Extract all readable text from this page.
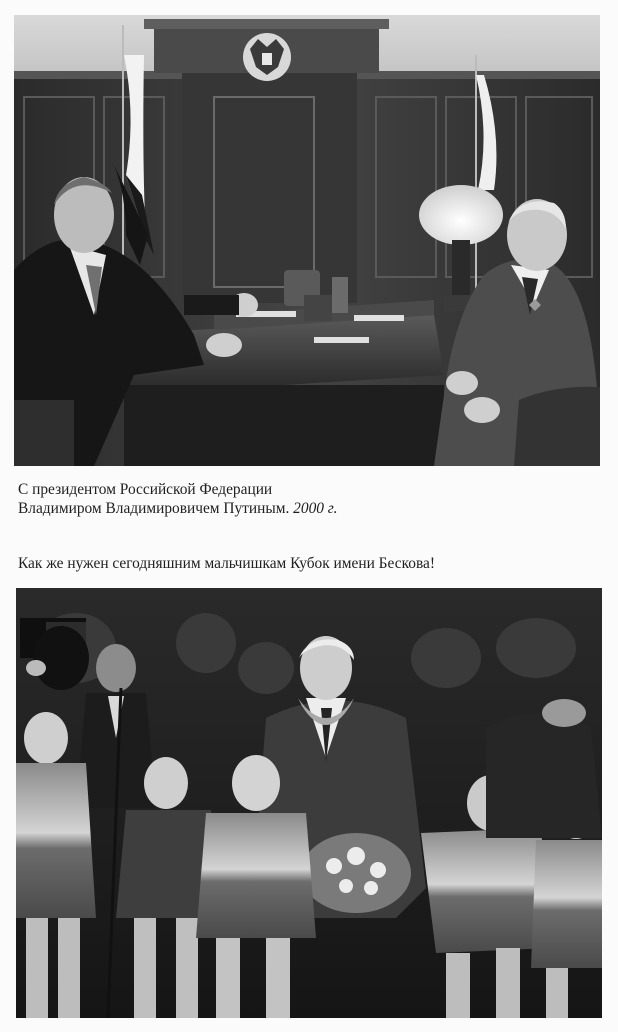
С президентом Российской Федерации
Владимиром Владимировичем Путиным. 2000 г.
Как же нужен сегодняшним мальчишкам Кубок имени Бескова!
